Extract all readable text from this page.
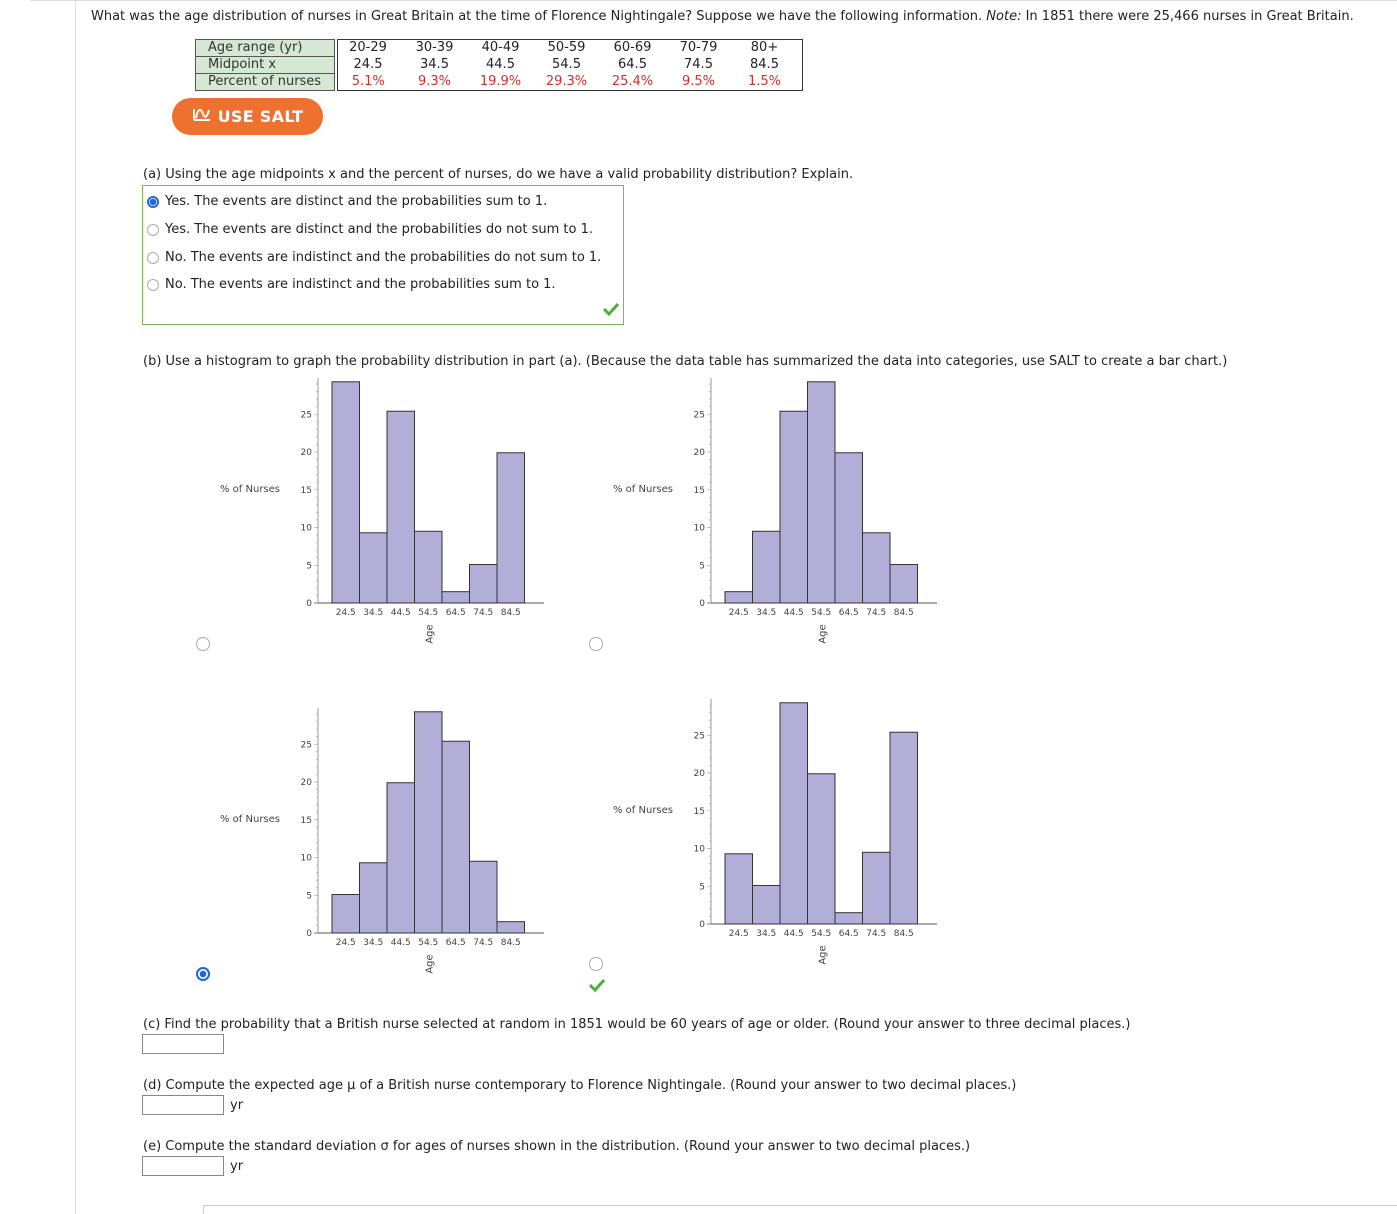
What was the age distribution of nurses in Great Britain at the time of Florence Nightingale? Suppose we have the following information. Note: In 1851 there were 25,466 nurses in Great Britain.
Age range (yr)	20-29	30-39	40-49	50-59	60-69	70-79	80+
Midpoint x	24.5	34.5	44.5	54.5	64.5	74.5	84.5
Percent of nurses	5.1%	9.3%	19.9%	29.3%	25.4%	9.5%	1.5%
USE SALT
(a) Using the age midpoints x and the percent of nurses, do we have a valid probability distribution? Explain.
Yes. The events are distinct and the probabilities sum to 1.
Yes. The events are distinct and the probabilities do not sum to 1.
No. The events are indistinct and the probabilities do not sum to 1.
No. The events are indistinct and the probabilities sum to 1.
(b) Use a histogram to graph the probability distribution in part (a). (Because the data table has summarized the data into categories, use SALT to create a bar chart.)
0
5
10
15
20
25
% of Nurses
24.5 34.5 44.5 54.5 64.5 74.5 84.5
Age
0
5
10
15
20
25
% of Nurses
24.5 34.5 44.5 54.5 64.5 74.5 84.5
Age
0
5
10
15
20
25
% of Nurses
24.5 34.5 44.5 54.5 64.5 74.5 84.5
Age
0
5
10
15
20
25
% of Nurses
24.5 34.5 44.5 54.5 64.5 74.5 84.5
Age
(c) Find the probability that a British nurse selected at random in 1851 would be 60 years of age or older. (Round your answer to three decimal places.)
(d) Compute the expected age μ of a British nurse contemporary to Florence Nightingale. (Round your answer to two decimal places.)
yr
(e) Compute the standard deviation σ for ages of nurses shown in the distribution. (Round your answer to two decimal places.)
yr
